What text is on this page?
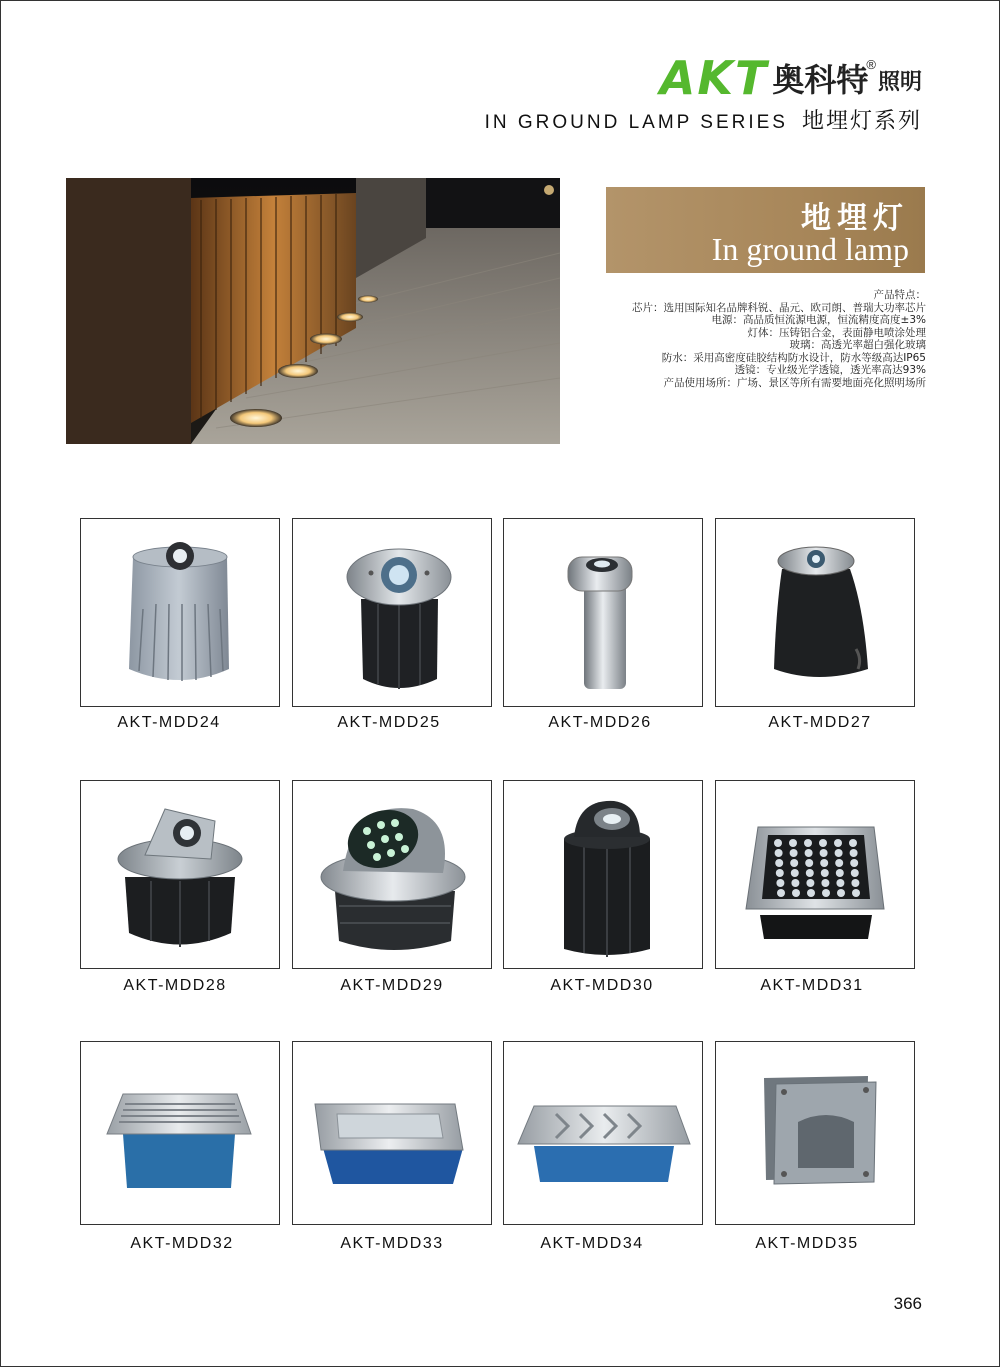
AKT 奥科特
®
照明
IN GROUND LAMP SERIES 地埋灯系列
地埋灯
In ground lamp
产品特点：
芯片：选用国际知名品牌科锐、晶元、欧司朗、普瑞大功率芯片
电源：高品质恒流源电源，恒流精度高度±3%
灯体：压铸铝合金，表面静电喷涂处理
玻璃：高透光率超白强化玻璃
防水：采用高密度硅胶结构防水设计，防水等级高达IP65
透镜：专业级光学透镜，透光率高达93%
产品使用场所：广场、景区等所有需要地面亮化照明场所
AKT-MDD24	AKT-MDD25	AKT-MDD26	AKT-MDD27
AKT-MDD28	AKT-MDD29	AKT-MDD30	AKT-MDD31
AKT-MDD32	AKT-MDD33	AKT-MDD34	AKT-MDD35
366
